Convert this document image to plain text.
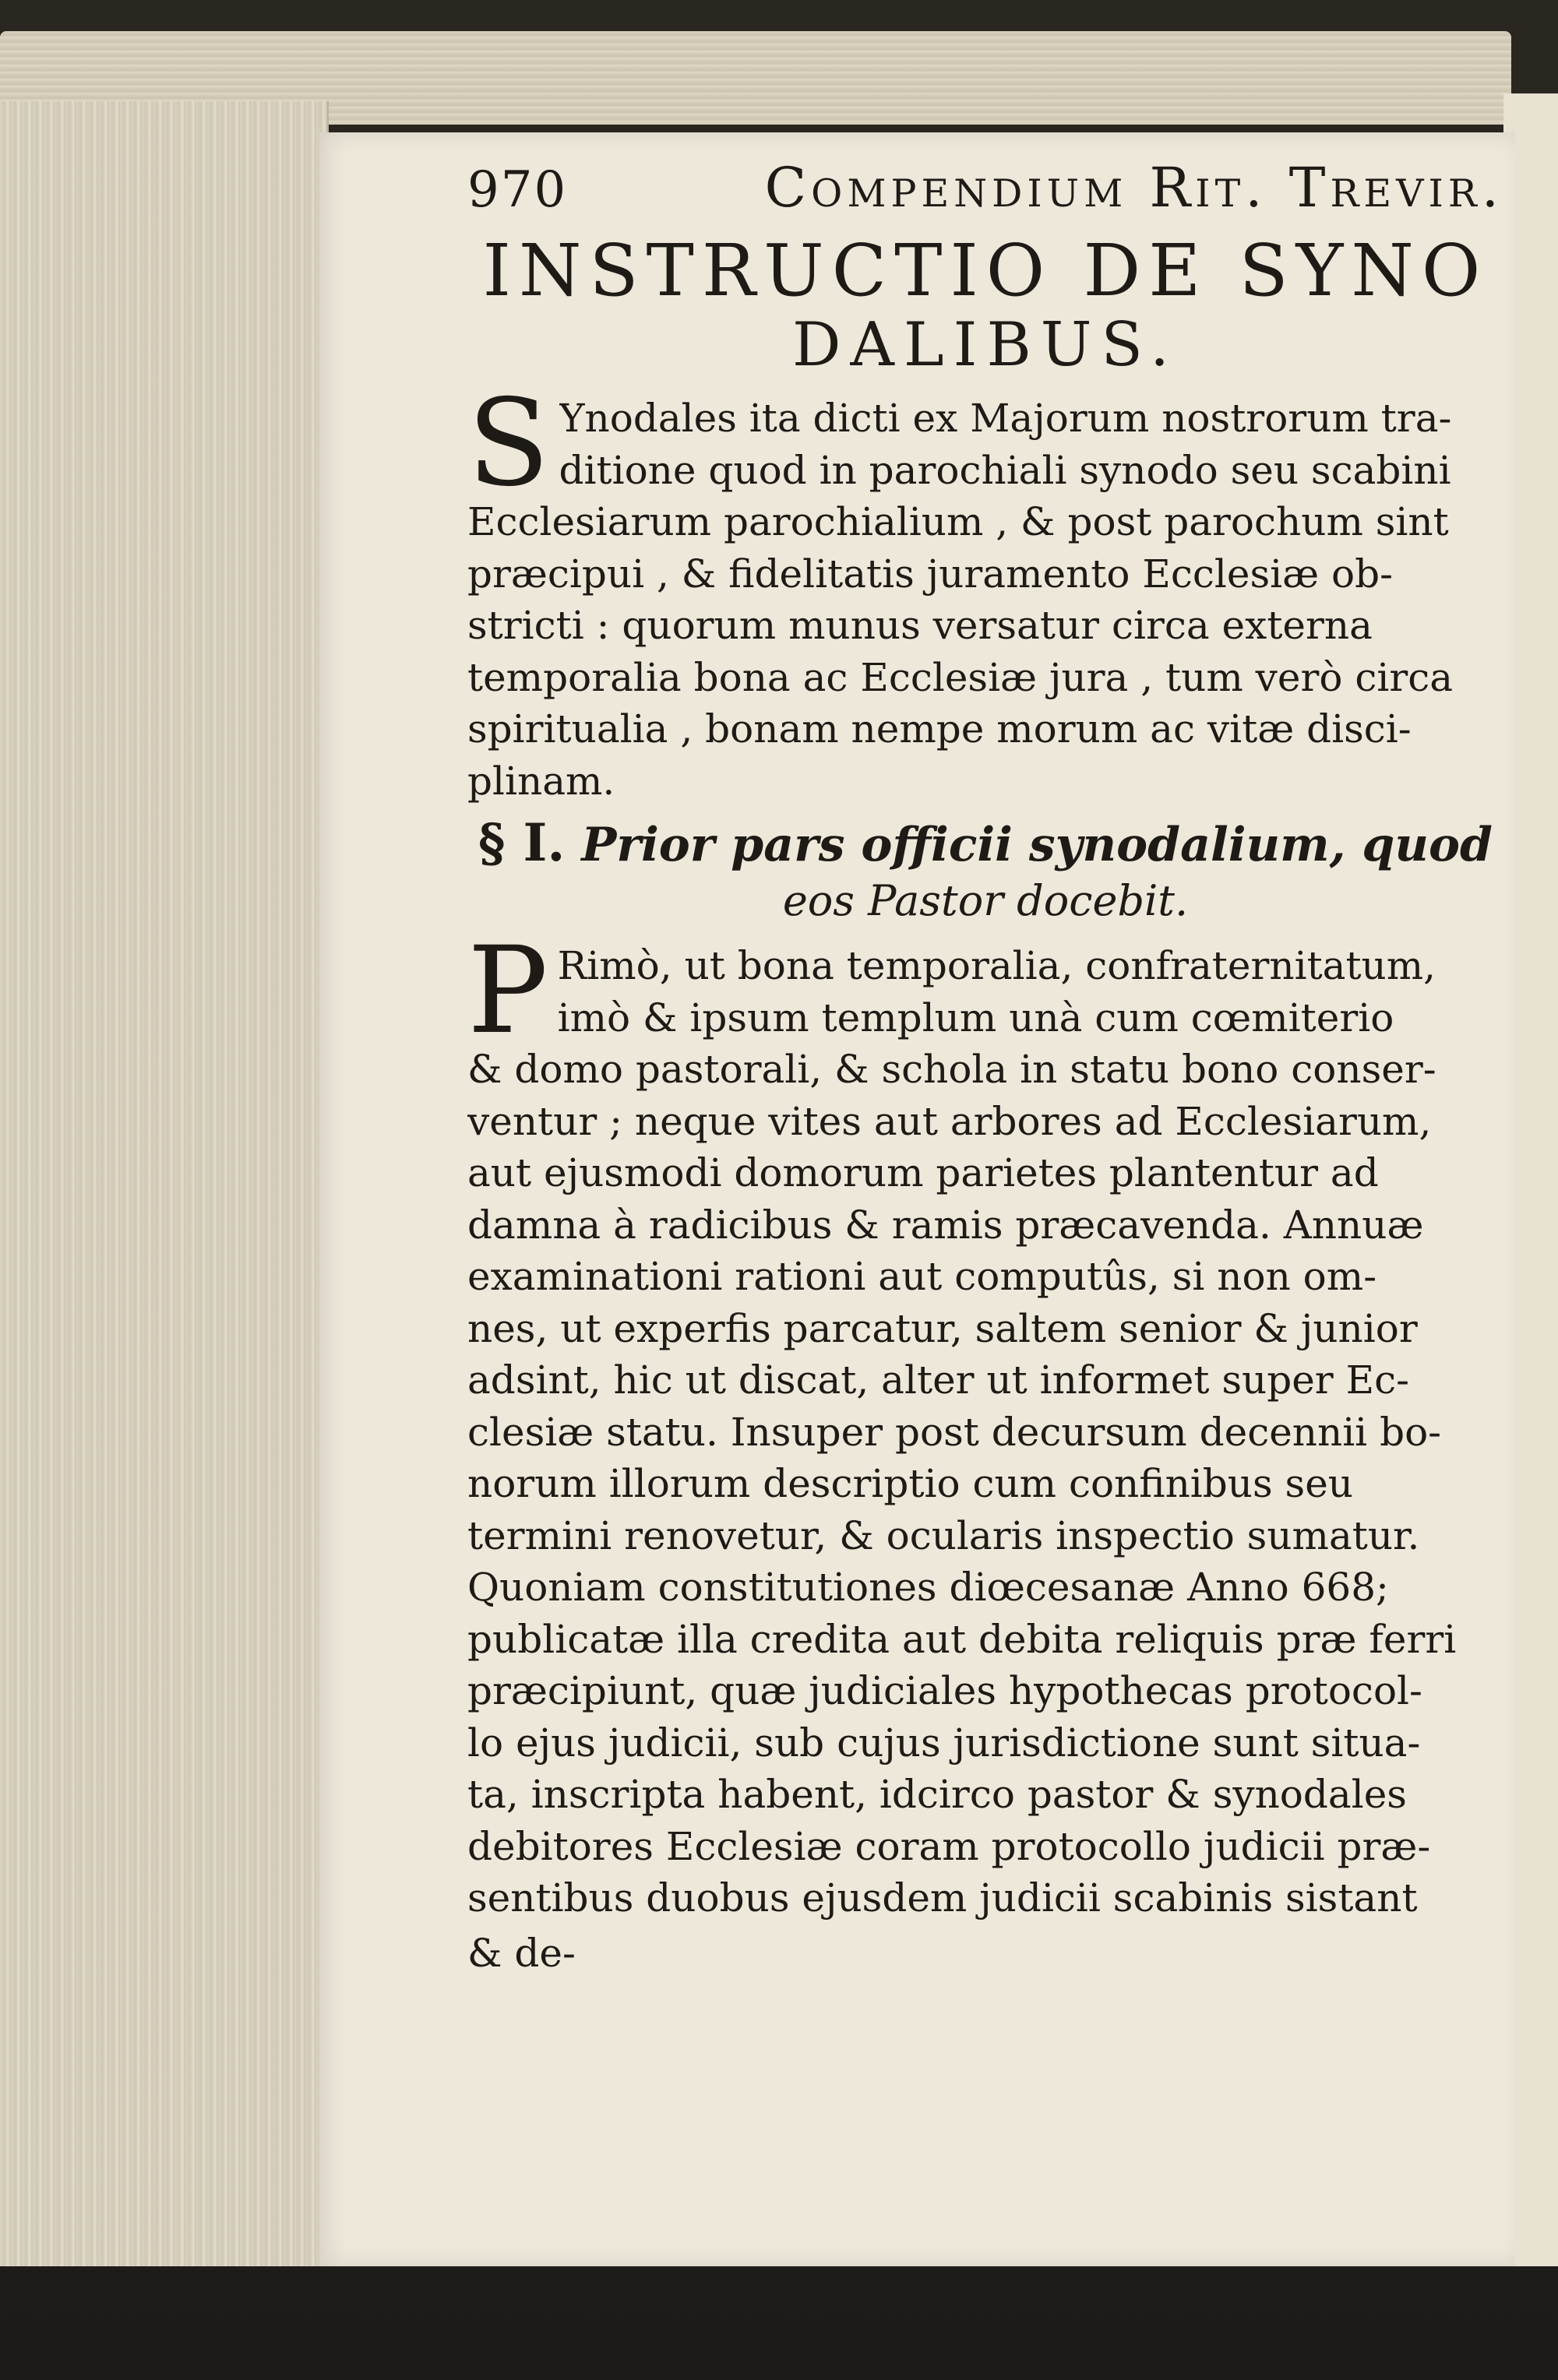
970	Compendium Rit. Trevir.
INSTRUCTIO DE SYNO
DALIBUS.
S Ynodales ita dicti ex Majorum nostrorum tra-
ditione quod in parochiali synodo seu scabini
Ecclesiarum parochialium , & post parochum sint
præcipui , & fidelitatis juramento Ecclesiæ ob-
stricti : quorum munus versatur circa externa
temporalia bona ac Ecclesiæ jura , tum verò circa
spiritualia , bonam nempe morum ac vitæ disci-
plinam.
§ I. Prior pars officii synodalium, quod
eos Pastor docebit.
P Rimò, ut bona temporalia, confraternitatum,
imò & ipsum templum unà cum cœmiterio
& domo pastorali, & schola in statu bono conser-
ventur ; neque vites aut arbores ad Ecclesiarum,
aut ejusmodi domorum parietes plantentur ad
damna à radicibus & ramis præcavenda. Annuæ
examinationi rationi aut computûs, si non om-
nes, ut experfis parcatur, saltem senior & junior
adsint, hic ut discat, alter ut informet super Ec-
clesiæ statu. Insuper post decursum decennii bo-
norum illorum descriptio cum confinibus seu
termini renovetur, & ocularis inspectio sumatur.
Quoniam constitutiones diœcesanæ Anno 668;
publicatæ illa credita aut debita reliquis præ ferri
præcipiunt, quæ judiciales hypothecas protocol-
lo ejus judicii, sub cujus jurisdictione sunt situa-
ta, inscripta habent, idcirco pastor & synodales
debitores Ecclesiæ coram protocollo judicii præ-
sentibus duobus ejusdem judicii scabinis sistant
& de-
